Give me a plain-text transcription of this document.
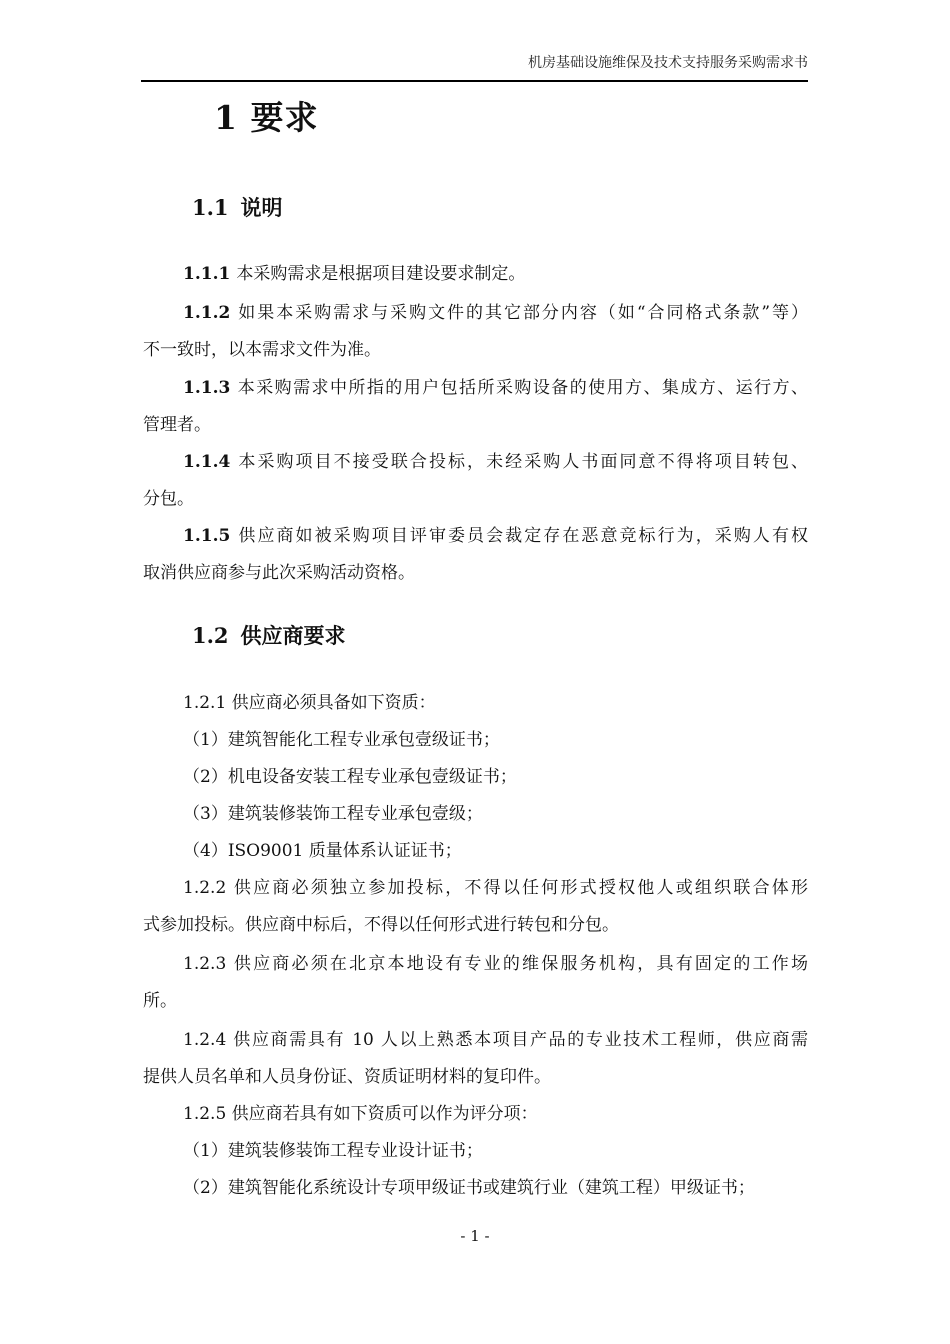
机房基础设施维保及技术支持服务采购需求书
1 要求
1.1 说明
1.1.1 本采购需求是根据项目建设要求制定。
1.1.2 如果本采购需求与采购文件的其它部分内容（如“合同格式条款”等）
不一致时，以本需求文件为准。
1.1.3 本采购需求中所指的用户包括所采购设备的使用方、集成方、运行方、
管理者。
1.1.4 本采购项目不接受联合投标，未经采购人书面同意不得将项目转包、
分包。
1.1.5 供应商如被采购项目评审委员会裁定存在恶意竞标行为，采购人有权
取消供应商参与此次采购活动资格。
1.2 供应商要求
1.2.1 供应商必须具备如下资质：
（1）建筑智能化工程专业承包壹级证书；
（2）机电设备安装工程专业承包壹级证书；
（3）建筑装修装饰工程专业承包壹级；
（4）ISO9001 质量体系认证证书；
1.2.2 供应商必须独立参加投标，不得以任何形式授权他人或组织联合体形
式参加投标。供应商中标后，不得以任何形式进行转包和分包。
1.2.3 供应商必须在北京本地设有专业的维保服务机构，具有固定的工作场
所。
1.2.4 供应商需具有 10 人以上熟悉本项目产品的专业技术工程师，供应商需
提供人员名单和人员身份证、资质证明材料的复印件。
1.2.5 供应商若具有如下资质可以作为评分项：
（1）建筑装修装饰工程专业设计证书；
（2）建筑智能化系统设计专项甲级证书或建筑行业（建筑工程）甲级证书；
- 1 -
